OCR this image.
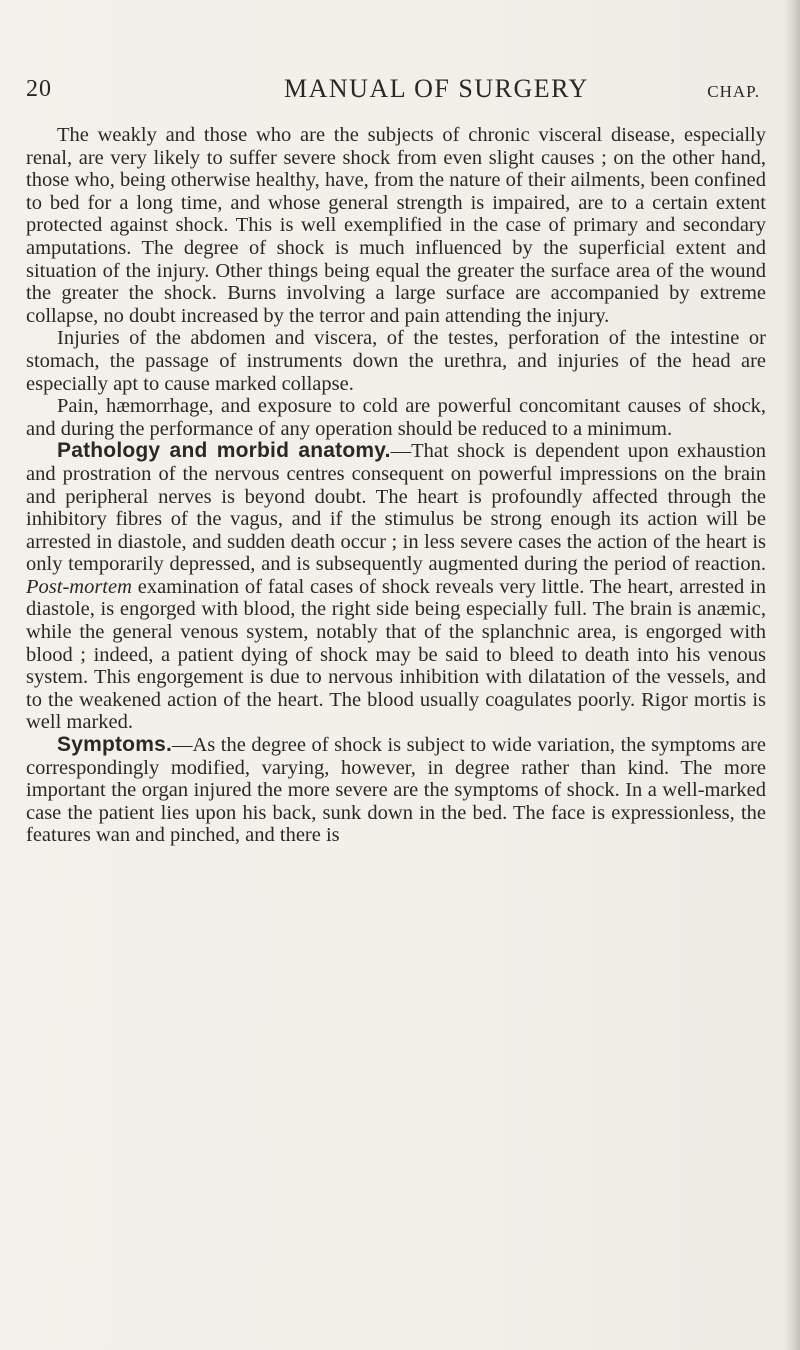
20	MANUAL OF SURGERY	CHAP.

The weakly and those who are the subjects of chronic visceral disease, especially renal, are very likely to suffer severe shock from even slight causes ; on the other hand, those who, being otherwise healthy, have, from the nature of their ailments, been confined to bed for a long time, and whose general strength is impaired, are to a certain extent protected against shock. This is well exemplified in the case of primary and secondary amputations. The degree of shock is much influenced by the superficial extent and situation of the injury. Other things being equal the greater the surface area of the wound the greater the shock. Burns involving a large surface are accompanied by extreme collapse, no doubt increased by the terror and pain attending the injury.

Injuries of the abdomen and viscera, of the testes, perforation of the intestine or stomach, the passage of instruments down the urethra, and injuries of the head are especially apt to cause marked collapse.

Pain, hæmorrhage, and exposure to cold are powerful concomitant causes of shock, and during the performance of any operation should be reduced to a minimum.

Pathology and morbid anatomy.—That shock is dependent upon exhaustion and prostration of the nervous centres consequent on powerful impressions on the brain and peripheral nerves is beyond doubt. The heart is profoundly affected through the inhibitory fibres of the vagus, and if the stimulus be strong enough its action will be arrested in diastole, and sudden death occur ; in less severe cases the action of the heart is only temporarily depressed, and is subsequently augmented during the period of reaction. Post-mortem examination of fatal cases of shock reveals very little. The heart, arrested in diastole, is engorged with blood, the right side being especially full. The brain is anæmic, while the general venous system, notably that of the splanchnic area, is engorged with blood ; indeed, a patient dying of shock may be said to bleed to death into his venous system. This engorgement is due to nervous inhibition with dilatation of the vessels, and to the weakened action of the heart. The blood usually coagulates poorly. Rigor mortis is well marked.

Symptoms.—As the degree of shock is subject to wide variation, the symptoms are correspondingly modified, varying, however, in degree rather than kind. The more important the organ injured the more severe are the symptoms of shock. In a well-marked case the patient lies upon his back, sunk down in the bed. The face is expressionless, the features wan and pinched, and there is
